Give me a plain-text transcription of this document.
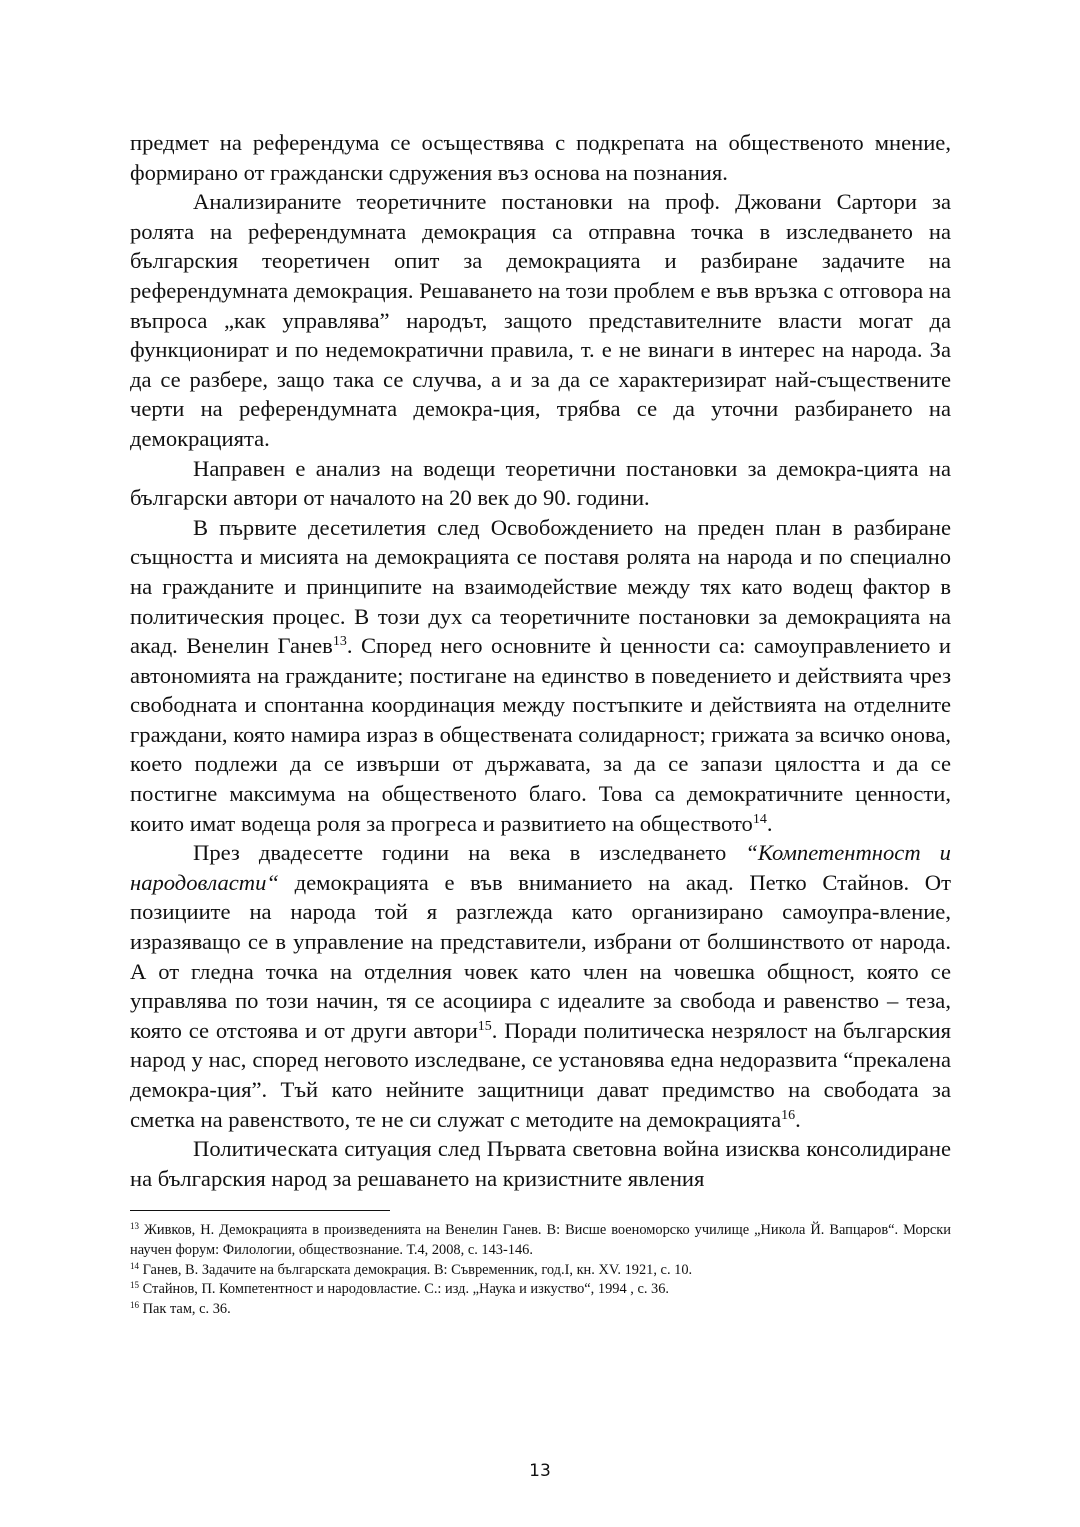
предмет на референдума се осъществява с подкрепата на общественото мнение, формирано от граждански сдружения въз основа на познания.

Анализираните теоретичните постановки на проф. Джовани Сартори за ролята на референдумната демокрация са отправна точка в изследването на българския теоретичен опит за демокрацията и разбиране задачите на референдумната демокрация. Решаването на този проблем е във връзка с отговора на въпроса „как управлява” народът, защото представителните власти могат да функционират и по недемократични правила, т. е не винаги в интерес на народа. За да се разбере, защо така се случва, а и за да се характеризират най-съществените черти на референдумната демокра-ция, трябва се да уточни разбирането на демокрацията.

Направен е анализ на водещи теоретични постановки за демокра-цията на български автори от началото на 20 век до 90. години.

В първите десетилетия след Освобождението на преден план в разбиране същността и мисията на демокрацията се поставя ролята на народа и по специално на гражданите и принципите на взаимодействие между тях като водещ фактор в политическия процес. В този дух са теоретичните постановки за демокрацията на акад. Венелин Ганев$^{13}$. Според него основните ѝ ценности са: самоуправлението и автономията на гражданите; постигане на единство в поведението и действията чрез свободната и спонтанна координация между постъпките и действията на отделните граждани, която намира израз в обществената солидарност; грижата за всичко онова, което подлежи да се извърши от държавата, за да се запази цялостта и да се постигне максимума на общественото благо. Това са демократичните ценности, които имат водеща роля за прогреса и развитието на обществото$^{14}$.

През двадесетте години на века в изследването “Компетентност и народовласти“ демокрацията е във вниманието на акад. Петко Стайнов. От позициите на народа той я разглежда като организирано самоупра-вление, изразяващо се в управление на представители, избрани от болшинството от народа. А от гледна точка на отделния човек като член на човешка общност, която се управлява по този начин, тя се асоциира с идеалите за свобода и равенство – теза, която се отстоява и от други автори$^{15}$. Поради политическа незрялост на българския народ у нас, според неговото изследване, се установява една недоразвита “прекалена демокра-ция”. Тъй като нейните защитници дават предимство на свободата за сметка на равенството, те не си служат с методите на демокрацията$^{16}$.

Политическата ситуация след Първата световна война изисква консолидиране на българския народ за решаването на кризистните явления

$^{13}$ Живков, Н. Демокрацията в произведенията на Венелин Ганев. В: Висше военоморско училище „Никола Й. Вапцаров“. Морски научен форум: Филологии, обществознание. Т.4, 2008, с. 143-146.

$^{14}$ Ганев, В. Задачите на българската демокрация. В: Съвременник, год.I, кн. XV. 1921, с. 10.

$^{15}$ Стайнов, П. Компетентност и народовластие. С.: изд. „Наука и изкуство“, 1994 , с. 36.

$^{16}$ Пак там, с. 36.

13
